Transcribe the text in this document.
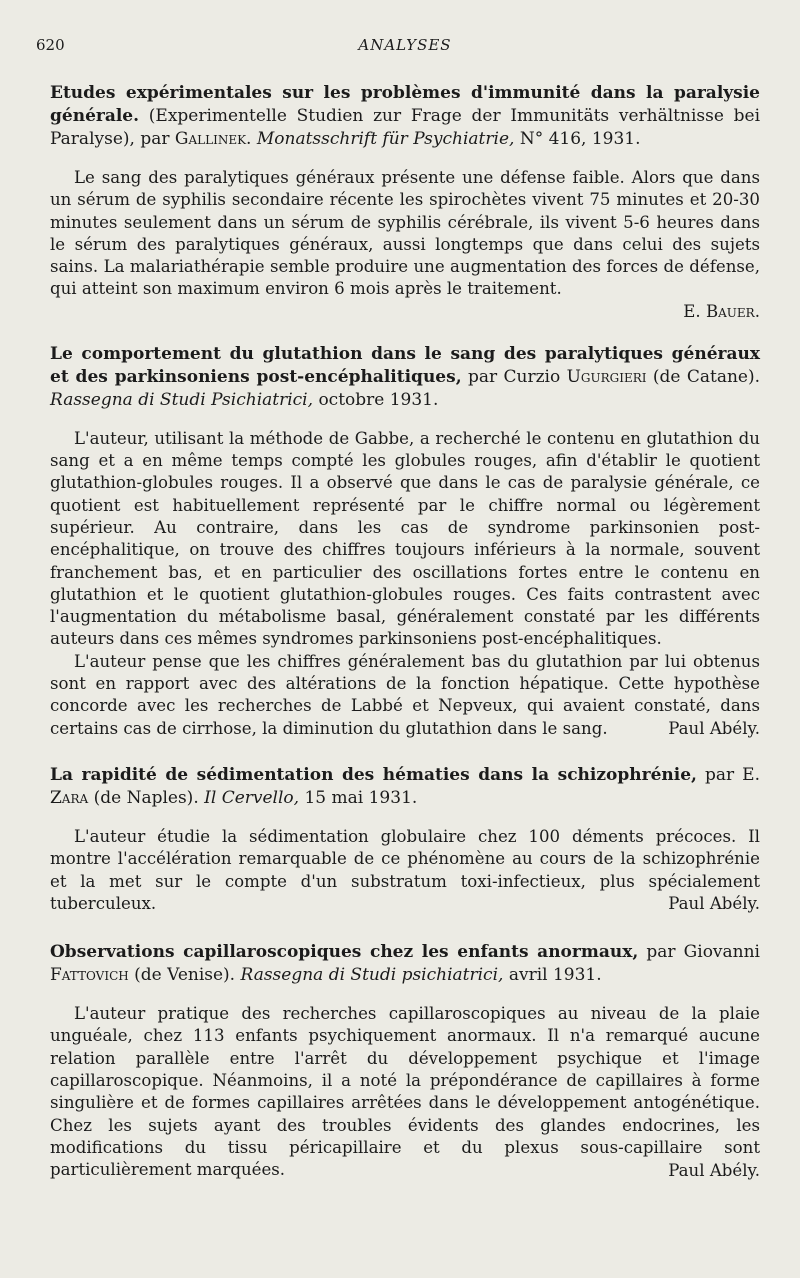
620	ANALYSES

Etudes expérimentales sur les problèmes d'immunité dans la paralysie générale. (Experimentelle Studien zur Frage der Immunitäts verhältnisse bei Paralyse), par Gallinek. Monatsschrift für Psychiatrie, N° 416, 1931.

Le sang des paralytiques généraux présente une défense faible. Alors que dans un sérum de syphilis secondaire récente les spirochètes vivent 75 minutes et 20-30 minutes seulement dans un sérum de syphilis cérébrale, ils vivent 5-6 heures dans le sérum des paralytiques généraux, aussi longtemps que dans celui des sujets sains. La malariathérapie semble produire une augmentation des forces de défense, qui atteint son maximum environ 6 mois après le traitement.

E. Bauer.

Le comportement du glutathion dans le sang des paralytiques généraux et des parkinsoniens post-encéphalitiques, par Curzio Ugurgieri (de Catane). Rassegna di Studi Psichiatrici, octobre 1931.

L'auteur, utilisant la méthode de Gabbe, a recherché le contenu en glutathion du sang et a en même temps compté les globules rouges, afin d'établir le quotient glutathion-globules rouges. Il a observé que dans le cas de paralysie générale, ce quotient est habituellement représenté par le chiffre normal ou légèrement supérieur. Au contraire, dans les cas de syndrome parkinsonien post-encéphalitique, on trouve des chiffres toujours inférieurs à la normale, souvent franchement bas, et en particulier des oscillations fortes entre le contenu en glutathion et le quotient glutathion-globules rouges. Ces faits contrastent avec l'augmentation du métabolisme basal, généralement constaté par les différents auteurs dans ces mêmes syndromes parkinsoniens post-encéphalitiques.

L'auteur pense que les chiffres généralement bas du glutathion par lui obtenus sont en rapport avec des altérations de la fonction hépatique. Cette hypothèse concorde avec les recherches de Labbé et Nepveux, qui avaient constaté, dans certains cas de cirrhose, la diminution du glutathion dans le sang.	Paul Abély.

La rapidité de sédimentation des hématies dans la schizophrénie, par E. Zara (de Naples). Il Cervello, 15 mai 1931.

L'auteur étudie la sédimentation globulaire chez 100 déments précoces. Il montre l'accélération remarquable de ce phénomène au cours de la schizophrénie et la met sur le compte d'un substratum toxi-infectieux, plus spécialement tuberculeux.	Paul Abély.

Observations capillaroscopiques chez les enfants anormaux, par Giovanni Fattovich (de Venise). Rassegna di Studi psichiatrici, avril 1931.

L'auteur pratique des recherches capillaroscopiques au niveau de la plaie unguéale, chez 113 enfants psychiquement anormaux. Il n'a remarqué aucune relation parallèle entre l'arrêt du développement psychique et l'image capillaroscopique. Néanmoins, il a noté la prépondérance de capillaires à forme singulière et de formes capillaires arrêtées dans le développement antogénétique. Chez les sujets ayant des troubles évidents des glandes endocrines, les modifications du tissu péricapillaire et du plexus sous-capillaire sont particulièrement marquées.	Paul Abély.
